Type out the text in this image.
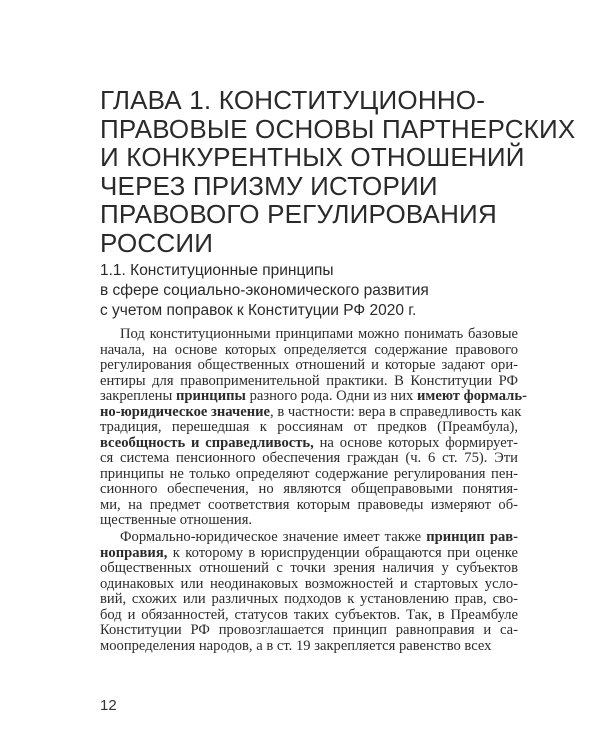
ГЛАВА 1. КОНСТИТУЦИОННО-
ПРАВОВЫЕ ОСНОВЫ ПАРТНЕРСКИХ
И КОНКУРЕНТНЫХ ОТНОШЕНИЙ
ЧЕРЕЗ ПРИЗМУ ИСТОРИИ
ПРАВОВОГО РЕГУЛИРОВАНИЯ
РОССИИ
1.1. Конституционные принципы
в сфере социально-экономического развития
с учетом поправок к Конституции РФ 2020 г.
Под конституционными принципами можно понимать базовые
начала, на основе которых определяется содержание правового
регулирования общественных отношений и которые задают ори-
ентиры для правоприменительной практики. В Конституции РФ
закреплены принципы разного рода. Одни из них имеют формаль-
но-юридическое значение, в частности: вера в справедливость как
традиция, перешедшая к россиянам от предков (Преамбула),
всеобщность и справедливость, на основе которых формирует-
ся система пенсионного обеспечения граждан (ч. 6 ст. 75). Эти
принципы не только определяют содержание регулирования пен-
сионного обеспечения, но являются общеправовыми понятия-
ми, на предмет соответствия которым правоведы измеряют об-
щественные отношения.
Формально-юридическое значение имеет также принцип рав-
ноправия, к которому в юриспруденции обращаются при оценке
общественных отношений с точки зрения наличия у субъектов
одинаковых или неодинаковых возможностей и стартовых усло-
вий, схожих или различных подходов к установлению прав, сво-
бод и обязанностей, статусов таких субъектов. Так, в Преамбуле
Конституции РФ провозглашается принцип равноправия и са-
моопределения народов, а в ст. 19 закрепляется равенство всех
12
